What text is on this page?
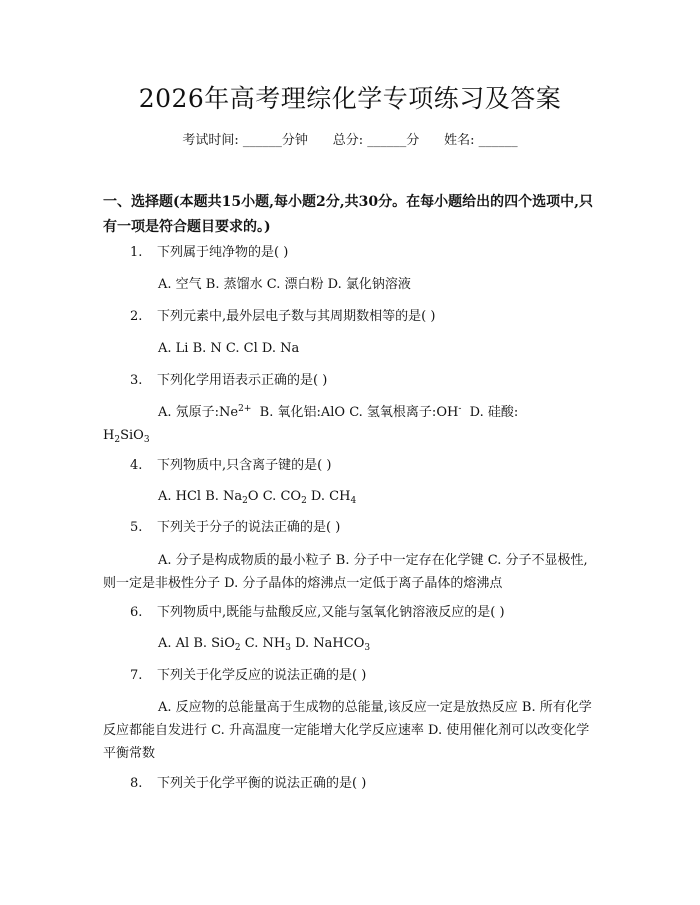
2026年高考理综化学专项练习及答案
考试时间: ______分钟 总分: ______分 姓名: ______
一、选择题(本题共15小题,每小题2分,共30分。在每小题给出的四个选项中,只有一项是符合题目要求的。)
1. 下列属于纯净物的是( )
A. 空气 B. 蒸馏水 C. 漂白粉 D. 氯化钠溶液
2. 下列元素中,最外层电子数与其周期数相等的是( )
A. Li B. N C. Cl D. Na
3. 下列化学用语表示正确的是( )
A. 氖原子$:Ne^{2+}$  B. 氧化铝:AlO C. 氢氧根离子:OH-  D. 硅酸:
$H_2SiO_3$
4. 下列物质中,只含离子键的是( )
A. HCl B. $Na_2O$ C. $CO_2$ D. $CH_4$
5. 下列关于分子的说法正确的是( )
A. 分子是构成物质的最小粒子 B. 分子中一定存在化学键 C. 分子不显极性,则一定是非极性分子 D. 分子晶体的熔沸点一定低于离子晶体的熔沸点
6. 下列物质中,既能与盐酸反应,又能与氢氧化钠溶液反应的是( )
A. Al B. SiO$_2$ C. $NH_3$ D. NaHCO$_3$
7. 下列关于化学反应的说法正确的是( )
A. 反应物的总能量高于生成物的总能量,该反应一定是放热反应 B. 所有化学反应都能自发进行 C. 升高温度一定能增大化学反应速率 D. 使用催化剂可以改变化学平衡常数
8. 下列关于化学平衡的说法正确的是( )
